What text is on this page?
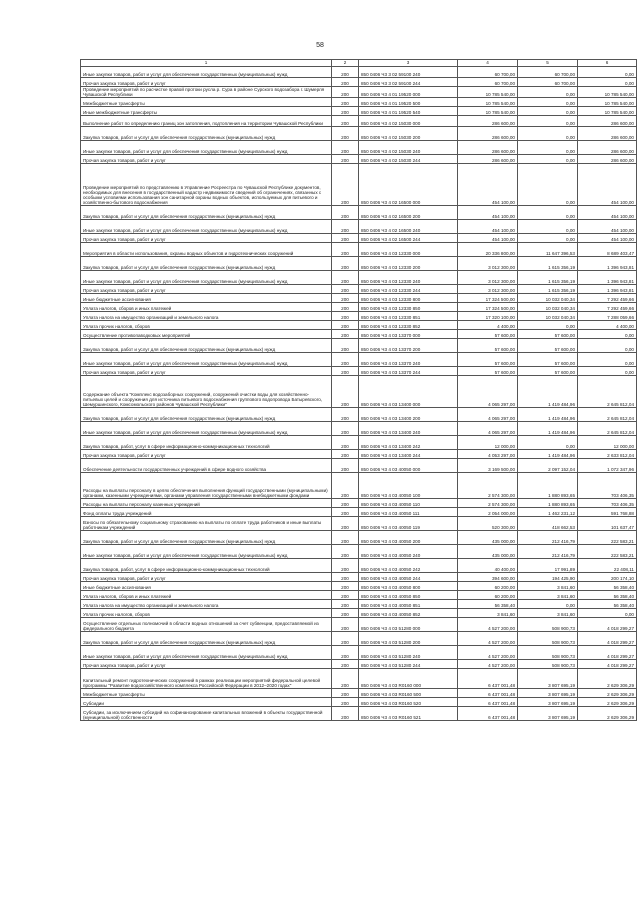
58
1	2	3	4	5	6
Иные закупки товаров, работ и услуг для обеспечения государственных (муниципальных) нужд	200	850 0406 Ч3 3 02 59100 240	60 700,00	60 700,00	0,00
Прочая закупка товаров, работ и услуг	200	850 0406 Ч3 3 02 59100 244	60 700,00	60 700,00	0,00
Проведение мероприятий по расчистке правой протоки русла р. Сура в районе Сурского водозабора г. Шумерля Чувашской Республики	200	850 0406 Ч3 4 01 19520 000	10 785 540,00	0,00	10 785 540,00
Межбюджетные трансферты	200	850 0406 Ч3 4 01 19520 500	10 785 540,00	0,00	10 785 540,00
Иные межбюджетные трансферты	200	850 0406 Ч3 4 01 19520 540	10 785 540,00	0,00	10 785 540,00
Выполнение работ по определению границ зон затопления, подтопления на территории Чувашской Республики	200	850 0406 Ч3 4 02 15030 000	286 600,00	0,00	286 600,00
Закупка товаров, работ и услуг для обеспечения государственных (муниципальных) нужд	200	850 0406 Ч3 4 02 15030 200	286 600,00	0,00	286 600,00
Иные закупки товаров, работ и услуг для обеспечения государственных (муниципальных) нужд	200	850 0406 Ч3 4 02 15030 240	286 600,00	0,00	286 600,00
Прочая закупка товаров, работ и услуг	200	850 0406 Ч3 4 02 15030 244	286 600,00	0,00	286 600,00
Проведение мероприятий по представлению в Управление Росреестра по Чувашской Республике документов, необходимых для внесения в государственный кадастр недвижимости сведений об ограничениях, связанных с особыми условиями использования зон санитарной охраны водных объектов, используемых для питьевого и хозяйственно-бытового водоснабжения	200	850 0406 Ч3 4 02 16500 000	454 100,00	0,00	454 100,00
Закупка товаров, работ и услуг для обеспечения государственных (муниципальных) нужд	200	850 0406 Ч3 4 02 16500 200	454 100,00	0,00	454 100,00
Иные закупки товаров, работ и услуг для обеспечения государственных (муниципальных) нужд	200	850 0406 Ч3 4 02 16500 240	454 100,00	0,00	454 100,00
Прочая закупка товаров, работ и услуг	200	850 0406 Ч3 4 02 16500 244	454 100,00	0,00	454 100,00
Мероприятия в области использования, охраны водных объектов и гидротехнических сооружений	200	850 0406 Ч3 4 03 12330 000	20 336 800,00	11 647 396,53	8 689 403,47
Закупка товаров, работ и услуг для обеспечения государственных (муниципальных) нужд	200	850 0406 Ч3 4 03 12330 200	3 012 300,00	1 615 356,19	1 396 943,81
Иные закупки товаров, работ и услуг для обеспечения государственных (муниципальных) нужд	200	850 0406 Ч3 4 03 12330 240	3 012 300,00	1 615 356,19	1 396 943,81
Прочая закупка товаров, работ и услуг	200	850 0406 Ч3 4 03 12330 244	3 012 300,00	1 615 356,19	1 396 943,81
Иные бюджетные ассигнования	200	850 0406 Ч3 4 03 12330 800	17 324 500,00	10 032 040,34	7 292 459,66
Уплата налогов, сборов и иных платежей	200	850 0406 Ч3 4 03 12330 850	17 324 500,00	10 032 040,34	7 292 459,66
Уплата налога на имущество организаций и земельного налога	200	850 0406 Ч3 4 03 12330 851	17 320 100,00	10 032 040,34	7 288 059,66
Уплата прочих налогов, сборов	200	850 0406 Ч3 4 03 12330 852	4 400,00	0,00	4 400,00
Осуществление противопаводковых мероприятий	200	850 0406 Ч3 4 03 13370 000	57 600,00	57 600,00	0,00
Закупка товаров, работ и услуг для обеспечения государственных (муниципальных) нужд	200	850 0406 Ч3 4 03 13370 200	57 600,00	57 600,00	0,00
Иные закупки товаров, работ и услуг для обеспечения государственных (муниципальных) нужд	200	850 0406 Ч3 4 03 13370 240	57 600,00	57 600,00	0,00
Прочая закупка товаров, работ и услуг	200	850 0406 Ч3 4 03 13370 244	57 600,00	57 600,00	0,00
Содержание объекта "Комплекс водозаборных сооружений, сооружений очистки воды для хозяйственно-питьевых целей и сооружения для источника питьевого водоснабжения группового водопровода Батыревского, Шемуршинского, Комсомольского районов Чувашской Республики"	200	850 0406 Ч3 4 03 13400 000	4 065 297,00	1 419 484,96	2 645 812,04
Закупка товаров, работ и услуг для обеспечения государственных (муниципальных) нужд	200	850 0406 Ч3 4 03 13400 200	4 065 297,00	1 419 484,96	2 645 812,04
Иные закупки товаров, работ и услуг для обеспечения государственных (муниципальных) нужд	200	850 0406 Ч3 4 03 13400 240	4 065 297,00	1 419 484,96	2 645 812,04
Закупка товаров, работ, услуг в сфере информационно-коммуникационных технологий	200	850 0406 Ч3 4 03 13400 242	12 000,00	0,00	12 000,00
Прочая закупка товаров, работ и услуг	200	850 0406 Ч3 4 03 13400 244	4 053 297,00	1 419 484,96	2 633 812,04
Обеспечение деятельности государственных учреждений в сфере водного хозяйства	200	850 0406 Ч3 4 03 40050 000	3 169 500,00	2 097 152,04	1 072 347,96
Расходы на выплаты персоналу в целях обеспечения выполнения функций государственными (муниципальными) органами, казенными учреждениями, органами управления государственными внебюджетными фондами	200	850 0406 Ч3 4 03 40050 100	2 574 300,00	1 880 893,65	703 406,35
Расходы на выплаты персоналу казенных учреждений	200	850 0406 Ч3 4 03 40050 110	2 574 300,00	1 880 893,65	703 406,35
Фонд оплаты труда учреждений	200	850 0406 Ч3 4 03 40050 111	2 054 000,00	1 462 231,12	591 768,88
Взносы по обязательному социальному страхованию на выплаты по оплате труда работников и иные выплаты работникам учреждений	200	850 0406 Ч3 4 03 40050 119	520 300,00	418 662,53	101 637,47
Закупка товаров, работ и услуг для обеспечения государственных (муниципальных) нужд	200	850 0406 Ч3 4 03 40050 200	435 000,00	212 416,79	222 583,21
Иные закупки товаров, работ и услуг для обеспечения государственных (муниципальных) нужд	200	850 0406 Ч3 4 03 40050 240	435 000,00	212 416,79	222 583,21
Закупка товаров, работ, услуг в сфере информационно-коммуникационных технологий	200	850 0406 Ч3 4 03 40050 242	40 400,00	17 991,89	22 408,11
Прочая закупка товаров, работ и услуг	200	850 0406 Ч3 4 03 40050 244	394 600,00	194 425,90	200 174,10
Иные бюджетные ассигнования	200	850 0406 Ч3 4 03 40050 800	60 200,00	3 841,60	56 358,40
Уплата налогов, сборов и иных платежей	200	850 0406 Ч3 4 03 40050 850	60 200,00	3 841,60	56 358,40
Уплата налога на имущество организаций и земельного налога	200	850 0406 Ч3 4 03 40050 851	56 358,40	0,00	56 358,40
Уплата прочих налогов, сборов	200	850 0406 Ч3 4 03 40050 852	3 841,60	3 841,60	0,00
Осуществление отдельных полномочий в области водных отношений за счет субвенции, предоставляемой из федерального бюджета	200	850 0406 Ч3 4 03 51280 000	4 527 200,00	508 900,73	4 018 299,27
Закупка товаров, работ и услуг для обеспечения государственных (муниципальных) нужд	200	850 0406 Ч3 4 03 51280 200	4 527 200,00	508 900,73	4 018 299,27
Иные закупки товаров, работ и услуг для обеспечения государственных (муниципальных) нужд	200	850 0406 Ч3 4 03 51280 240	4 527 200,00	508 900,73	4 018 299,27
Прочая закупка товаров, работ и услуг	200	850 0406 Ч3 4 03 51280 244	4 527 200,00	508 900,73	4 018 299,27
Капитальный ремонт гидротехнических сооружений в рамках реализации мероприятий федеральной целевой программы "Развитие водохозяйственного комплекса Российской Федерации в 2012–2020 годах"	200	850 0406 Ч3 4 03 R0160 000	6 437 001,48	3 807 695,19	2 629 306,29
Межбюджетные трансферты	200	850 0406 Ч3 4 03 R0160 500	6 437 001,48	3 807 695,19	2 629 306,29
Субсидии	200	850 0406 Ч3 4 03 R0160 520	6 437 001,48	3 807 695,19	2 629 306,29
Субсидии, за исключением субсидий на софинансирование капитальных вложений в объекты государственной (муниципальной) собственности	200	850 0406 Ч3 4 03 R0160 521	6 437 001,48	3 807 695,19	2 629 306,29
